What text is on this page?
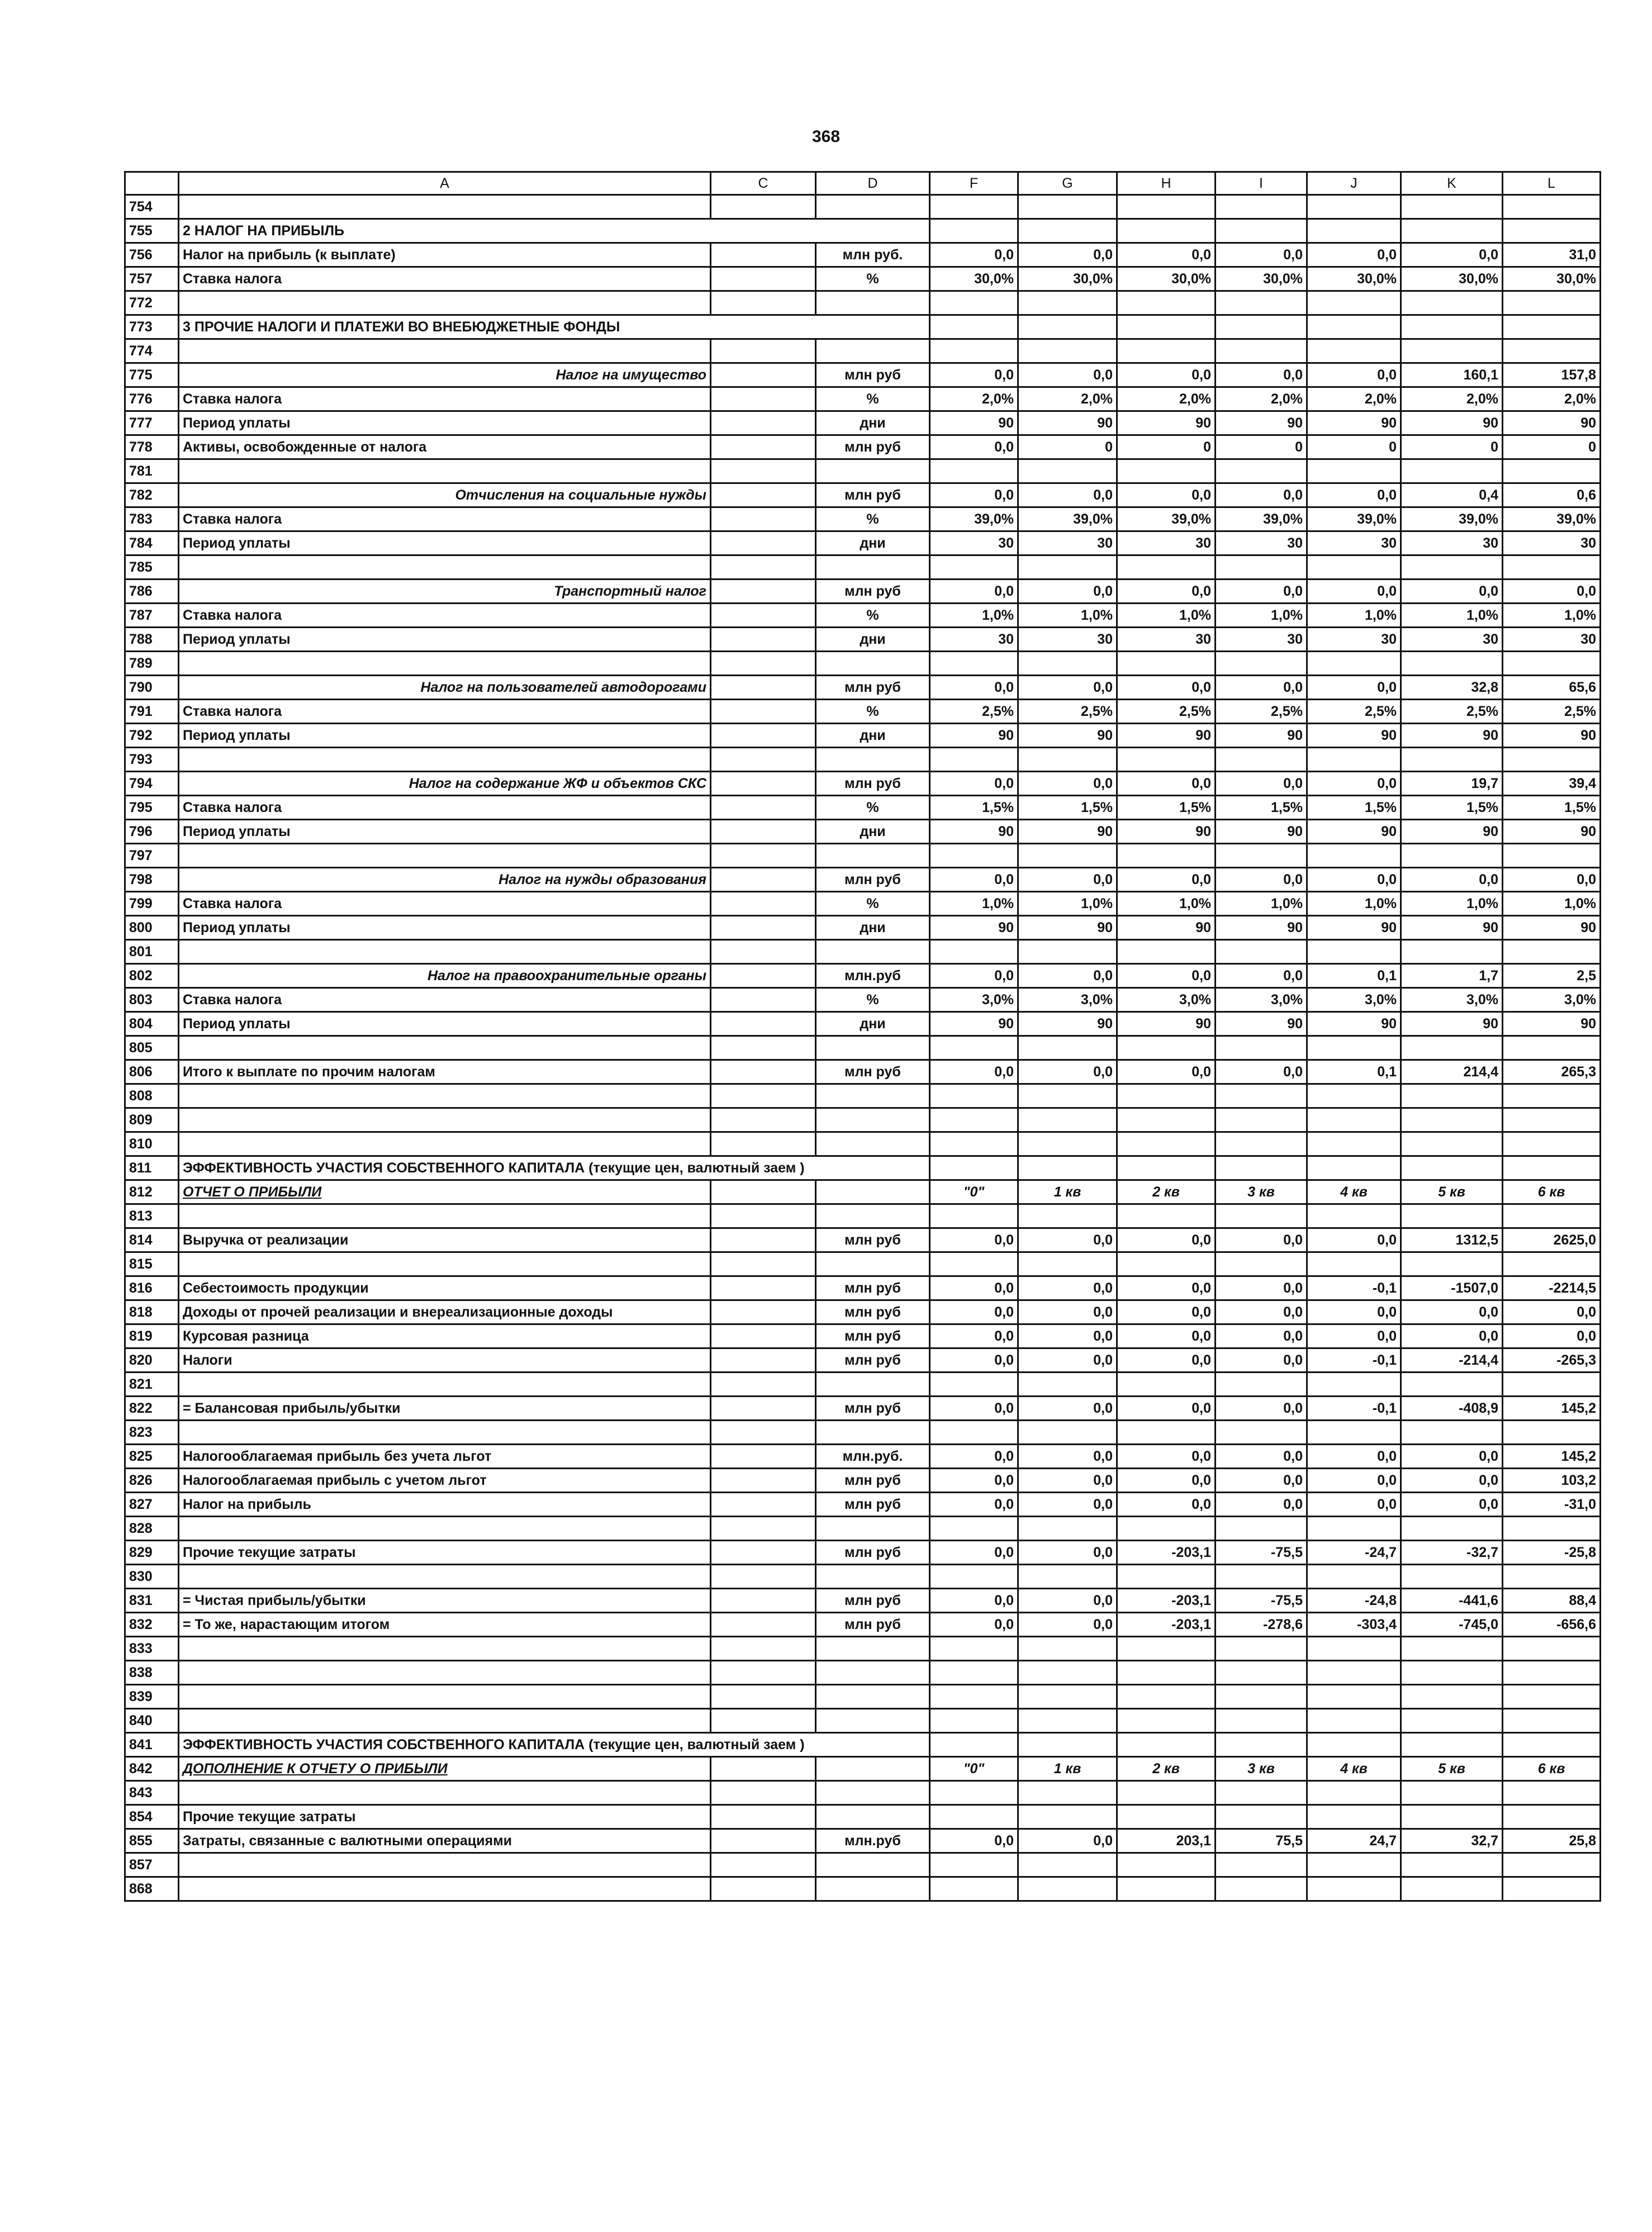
368
	A	C	D	F	G	H	I	J	K	L
754										
755	2 НАЛОГ НА ПРИБЫЛЬ									
756	Налог на прибыль (к выплате)		млн руб.	0,0	0,0	0,0	0,0	0,0	0,0	31,0
757	Ставка налога		%	30,0%	30,0%	30,0%	30,0%	30,0%	30,0%	30,0%
772										
773	3 ПРОЧИЕ НАЛОГИ И ПЛАТЕЖИ ВО ВНЕБЮДЖЕТНЫЕ ФОНДЫ									
774										
775	Налог на имущество		млн руб	0,0	0,0	0,0	0,0	0,0	160,1	157,8
776	Ставка налога		%	2,0%	2,0%	2,0%	2,0%	2,0%	2,0%	2,0%
777	Период уплаты		дни	90	90	90	90	90	90	90
778	Активы, освобожденные от налога		млн руб	0,0	0	0	0	0	0	0
781										
782	Отчисления на социальные нужды		млн руб	0,0	0,0	0,0	0,0	0,0	0,4	0,6
783	Ставка налога		%	39,0%	39,0%	39,0%	39,0%	39,0%	39,0%	39,0%
784	Период уплаты		дни	30	30	30	30	30	30	30
785										
786	Транспортный налог		млн руб	0,0	0,0	0,0	0,0	0,0	0,0	0,0
787	Ставка налога		%	1,0%	1,0%	1,0%	1,0%	1,0%	1,0%	1,0%
788	Период уплаты		дни	30	30	30	30	30	30	30
789										
790	Налог на пользователей автодорогами		млн руб	0,0	0,0	0,0	0,0	0,0	32,8	65,6
791	Ставка налога		%	2,5%	2,5%	2,5%	2,5%	2,5%	2,5%	2,5%
792	Период уплаты		дни	90	90	90	90	90	90	90
793										
794	Налог на содержание ЖФ и объектов СКС		млн руб	0,0	0,0	0,0	0,0	0,0	19,7	39,4
795	Ставка налога		%	1,5%	1,5%	1,5%	1,5%	1,5%	1,5%	1,5%
796	Период уплаты		дни	90	90	90	90	90	90	90
797										
798	Налог на нужды образования		млн руб	0,0	0,0	0,0	0,0	0,0	0,0	0,0
799	Ставка налога		%	1,0%	1,0%	1,0%	1,0%	1,0%	1,0%	1,0%
800	Период уплаты		дни	90	90	90	90	90	90	90
801										
802	Налог на правоохранительные органы		млн.руб	0,0	0,0	0,0	0,0	0,1	1,7	2,5
803	Ставка налога		%	3,0%	3,0%	3,0%	3,0%	3,0%	3,0%	3,0%
804	Период уплаты		дни	90	90	90	90	90	90	90
805										
806	Итого к выплате по прочим налогам		млн руб	0,0	0,0	0,0	0,0	0,1	214,4	265,3
808										
809										
810										
811	ЭФФЕКТИВНОСТЬ УЧАСТИЯ СОБСТВЕННОГО КАПИТАЛА (текущие цен, валютный заем )									
812	ОТЧЕТ О ПРИБЫЛИ			"0"	1 кв	2 кв	3 кв	4 кв	5 кв	6 кв
813										
814	Выручка от реализации		млн руб	0,0	0,0	0,0	0,0	0,0	1312,5	2625,0
815										
816	Себестоимость продукции		млн руб	0,0	0,0	0,0	0,0	-0,1	-1507,0	-2214,5
818	Доходы от прочей реализации и внереализационные доходы		млн руб	0,0	0,0	0,0	0,0	0,0	0,0	0,0
819	Курсовая разница		млн руб	0,0	0,0	0,0	0,0	0,0	0,0	0,0
820	Налоги		млн руб	0,0	0,0	0,0	0,0	-0,1	-214,4	-265,3
821										
822	= Балансовая прибыль/убытки		млн руб	0,0	0,0	0,0	0,0	-0,1	-408,9	145,2
823										
825	Налогооблагаемая прибыль без учета льгот		млн.руб.	0,0	0,0	0,0	0,0	0,0	0,0	145,2
826	Налогооблагаемая прибыль с учетом льгот		млн руб	0,0	0,0	0,0	0,0	0,0	0,0	103,2
827	Налог на прибыль		млн руб	0,0	0,0	0,0	0,0	0,0	0,0	-31,0
828										
829	Прочие текущие затраты		млн руб	0,0	0,0	-203,1	-75,5	-24,7	-32,7	-25,8
830										
831	= Чистая прибыль/убытки		млн руб	0,0	0,0	-203,1	-75,5	-24,8	-441,6	88,4
832	= То же, нарастающим итогом		млн руб	0,0	0,0	-203,1	-278,6	-303,4	-745,0	-656,6
833										
838										
839										
840										
841	ЭФФЕКТИВНОСТЬ УЧАСТИЯ СОБСТВЕННОГО КАПИТАЛА (текущие цен, валютный заем )									
842	ДОПОЛНЕНИЕ К ОТЧЕТУ О ПРИБЫЛИ			"0"	1 кв	2 кв	3 кв	4 кв	5 кв	6 кв
843										
854	Прочие текущие затраты									
855	Затраты, связанные с валютными операциями		млн.руб	0,0	0,0	203,1	75,5	24,7	32,7	25,8
857										
868										
